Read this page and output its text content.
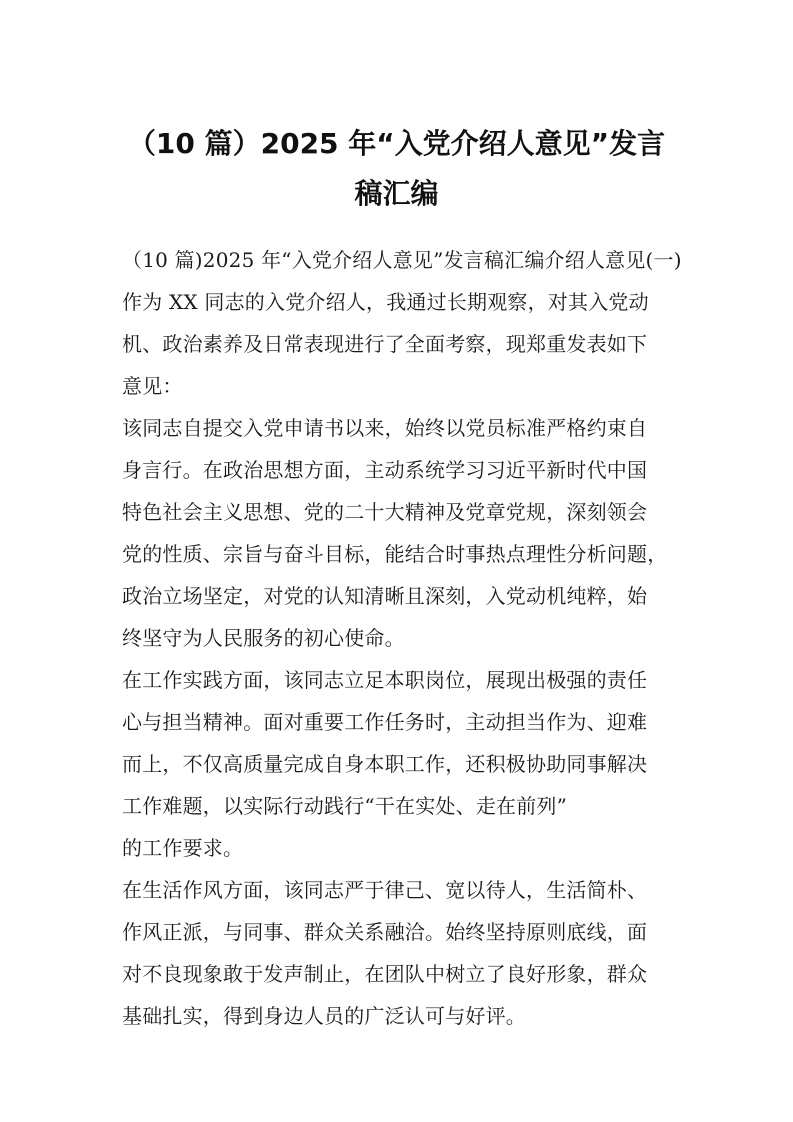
（10 篇）2025 年“入党介绍人意见”发言
稿汇编

（10 篇)2025 年“入党介绍人意见”发言稿汇编介绍人意见(一)

作为 XX 同志的入党介绍人，我通过长期观察，对其入党动

机、政治素养及日常表现进行了全面考察，现郑重发表如下

意见：

该同志自提交入党申请书以来，始终以党员标准严格约束自

身言行。在政治思想方面，主动系统学习习近平新时代中国

特色社会主义思想、党的二十大精神及党章党规，深刻领会

党的性质、宗旨与奋斗目标，能结合时事热点理性分析问题，

政治立场坚定，对党的认知清晰且深刻，入党动机纯粹，始

终坚守为人民服务的初心使命。

在工作实践方面，该同志立足本职岗位，展现出极强的责任

心与担当精神。面对重要工作任务时，主动担当作为、迎难

而上，不仅高质量完成自身本职工作，还积极协助同事解决

工作难题，以实际行动践行“干在实处、走在前列”

的工作要求。

在生活作风方面，该同志严于律己、宽以待人，生活简朴、

作风正派，与同事、群众关系融洽。始终坚持原则底线，面

对不良现象敢于发声制止，在团队中树立了良好形象，群众

基础扎实，得到身边人员的广泛认可与好评。
